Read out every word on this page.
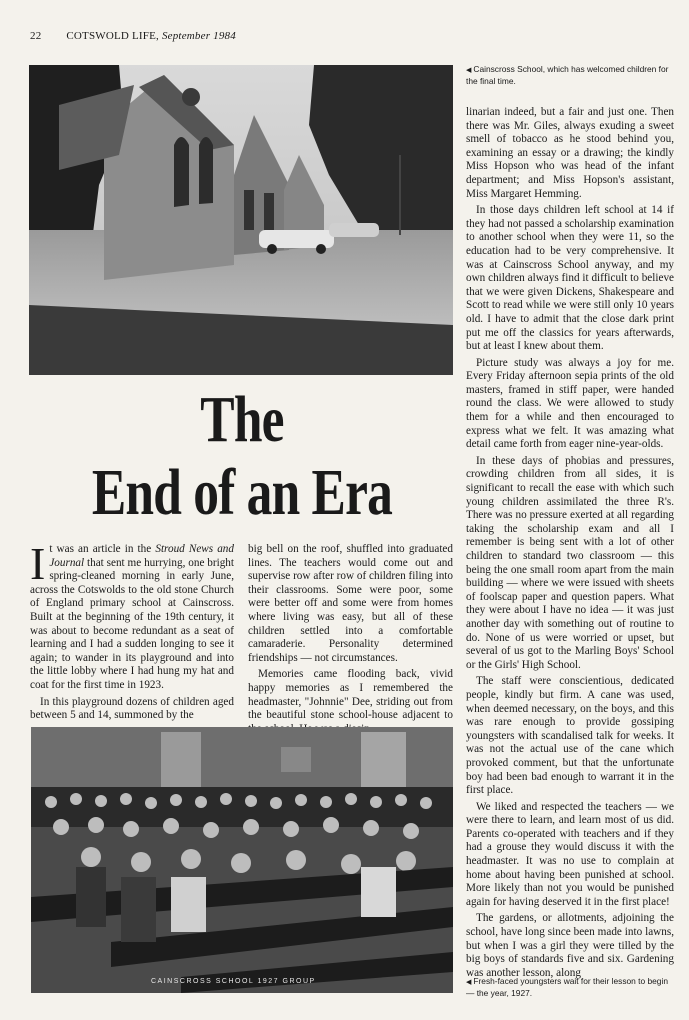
22 COTSWOLD LIFE, September 1984
◀ Cainscross School, which has welcomed children for the final time.
The
End of an Era

It was an article in the Stroud News and Journal that sent me hurrying, one bright spring-cleaned morning in early June, across the Cotswolds to the old stone Church of England primary school at Cainscross. Built at the beginning of the 19th century, it was about to become redundant as a seat of learning and I had a sudden longing to see it again; to wander in its playground and into the little lobby where I had hung my hat and coat for the first time in 1923.

In this playground dozens of children aged between 5 and 14, summoned by the

big bell on the roof, shuffled into graduated lines. The teachers would come out and supervise row after row of children filing into their classrooms. Some were poor, some were better off and some were from homes where living was easy, but all of these children settled into a comfortable camaraderie. Personality determined friendships — not circumstances.

Memories came flooding back, vivid happy memories as I remembered the headmaster, "Johnnie" Dee, striding out from the beautiful stone school-house adjacent to

linarian indeed, but a fair and just one. Then there was Mr. Giles, always exuding a sweet smell of tobacco as he stood behind you, examining an essay or a drawing; the kindly Miss Hopson who was head of the infant department; and Miss Hopson's assistant, Miss Margaret Hemming.

In those days children left school at 14 if they had not passed a scholarship examination to another school when they were 11, so the education had to be very comprehensive. It was at Cainscross School anyway, and my own children always find it difficult to believe that we were given Dickens, Shakespeare and Scott to read while we were still only 10 years old. I have to admit that the close dark print put me off the classics for years afterwards, but at least I knew about them.

Picture study was always a joy for me. Every Friday afternoon sepia prints of the old masters, framed in stiff paper, were handed round the class. We were allowed to study them for a while and then encouraged to express what we felt. It was amazing what detail came forth from eager nine-year-olds.

In these days of phobias and pressures, crowding children from all sides, it is significant to recall the ease with which such young children assimilated the three R's. There was no pressure exerted at all regarding taking the scholarship exam and all I remember is being sent with a lot of other children to standard two classroom — this being the one small room apart from the main building — where we were issued with sheets of foolscap paper and question papers. What they were about I have no idea — it was just another day with something out of routine to do. None of us were worried or upset, but several of us got to the Marling Boys' School or the Girls' High School.

The staff were conscientious, dedicated people, kindly but firm. A cane was used, when deemed necessary, on the boys, and this was rare enough to provide gossiping youngsters with scandalised talk for weeks. It was not the actual use of the cane which provoked comment, but that the unfortunate boy had been bad enough to warrant it in the first place.

We liked and respected the teachers — we were there to learn, and learn most of us did. Parents co-operated with teachers and if they had a grouse they would discuss it with the headmaster. It was no use to complain at home about having been punished at school. More likely than not you would be punished again for having deserved it in the first place!

The gardens, or allotments, adjoining the school, have long since been made into lawns, but when I was a girl they were tilled by the big boys of standards five and six. Gardening was another lesson, along

CAINSCROSS SCHOOL 1927 GROUP	◀ Fresh-faced youngsters wait for their lesson to begin — the year, 1927.
